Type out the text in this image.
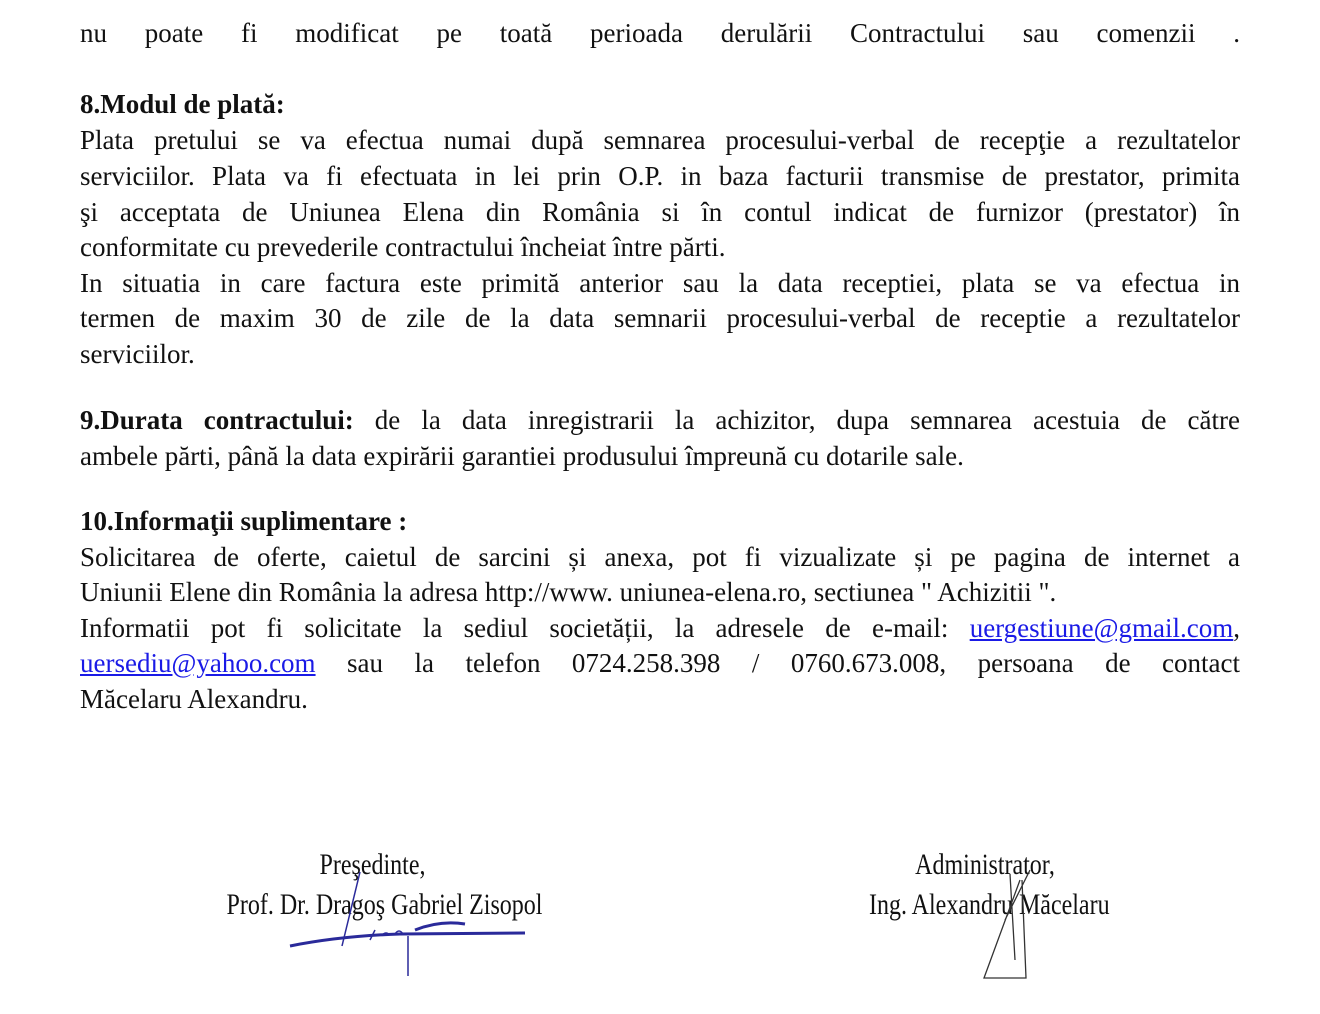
nu poate fi modificat pe toată perioada derulării Contractului sau comenzii .
8.Modul de plată:
Plata pretului se va efectua numai după semnarea procesului-verbal de recepţie a rezultatelor
serviciilor. Plata va fi efectuata in lei prin O.P. in baza facturii transmise de prestator, primita
şi acceptata de Uniunea Elena din România si în contul indicat de furnizor (prestator) în
conformitate cu prevederile contractului încheiat între părti.
In situatia in care factura este primită anterior sau la data receptiei, plata se va efectua in
termen de maxim 30 de zile de la data semnarii procesului-verbal de receptie a rezultatelor
serviciilor.
9.Durata contractului: de la data inregistrarii la achizitor, dupa semnarea acestuia de către
ambele părti, până la data expirării garantiei produsului împreună cu dotarile sale.
10.Informaţii suplimentare :
Solicitarea de oferte, caietul de sarcini și anexa, pot fi vizualizate și pe pagina de internet a
Uniunii Elene din România la adresa http://www. uniunea-elena.ro, sectiunea " Achizitii ".
Informatii pot fi solicitate la sediul societății, la adresele de e-mail: uergestiune@gmail.com,
uersediu@yahoo.com sau la telefon 0724.258.398 / 0760.673.008, persoana de contact
Măcelaru Alexandru.
Preşedinte,
Prof. Dr. Dragoş Gabriel Zisopol
Administrator,
Ing. Alexandru Măcelaru
